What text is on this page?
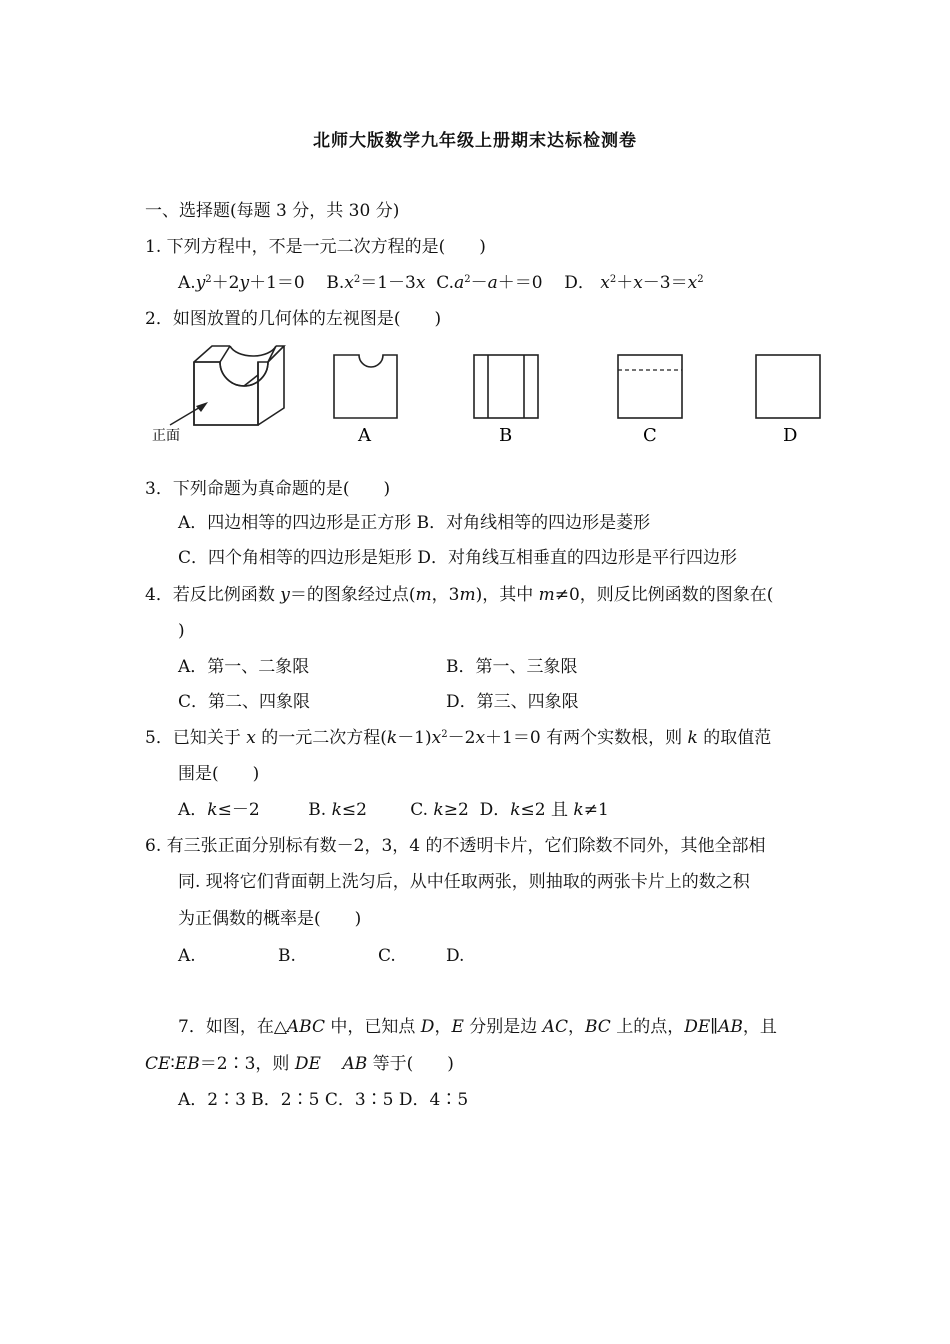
北师大版数学九年级上册期末达标检测卷
一、选择题(每题 3 分，共 30 分)
1. 下列方程中，不是一元二次方程的是(　　)
$A.y^2+2y+1=0$    $B.x^2=1-3x$ $C.a^2-a+=0$    D． $x^2+x-3=x^2$
2．如图放置的几何体的左视图是(　　)
正面	A	B	C	D
3．下列命题为真命题的是(　　)
A．四边相等的四边形是正方形 B．对角线相等的四边形是菱形
C．四个角相等的四边形是矩形 D．对角线互相垂直的四边形是平行四边形
4．若反比例函数 y＝的图象经过点(m，3m)，其中 m≠0，则反比例函数的图象在(
)
A．第一、二象限	B．第一、三象限
C．第二、四象限	D．第三、四象限
5．已知关于 x 的一元二次方程$(k-1)x^2-2x+1=0$ 有两个实数根，则 k 的取值范
围是(　　)
A．k≤－2         B. k≤2        C. k≥2  D．k≤2 且 k≠1
6. 有三张正面分别标有数－2，3，4 的不透明卡片，它们除数不同外，其他全部相
同. 现将它们背面朝上洗匀后，从中任取两张，则抽取的两张卡片上的数之积
为正偶数的概率是(　　)
A.	B.	C.	D.
7．如图，在△ABC 中，已知点 D，E 分别是边 AC，BC 上的点，DE∥AB，且
CE∶EB＝2∶3，则 DE AB 等于(　　)
A．2∶3 B．2∶5 C．3∶5 D．4∶5
